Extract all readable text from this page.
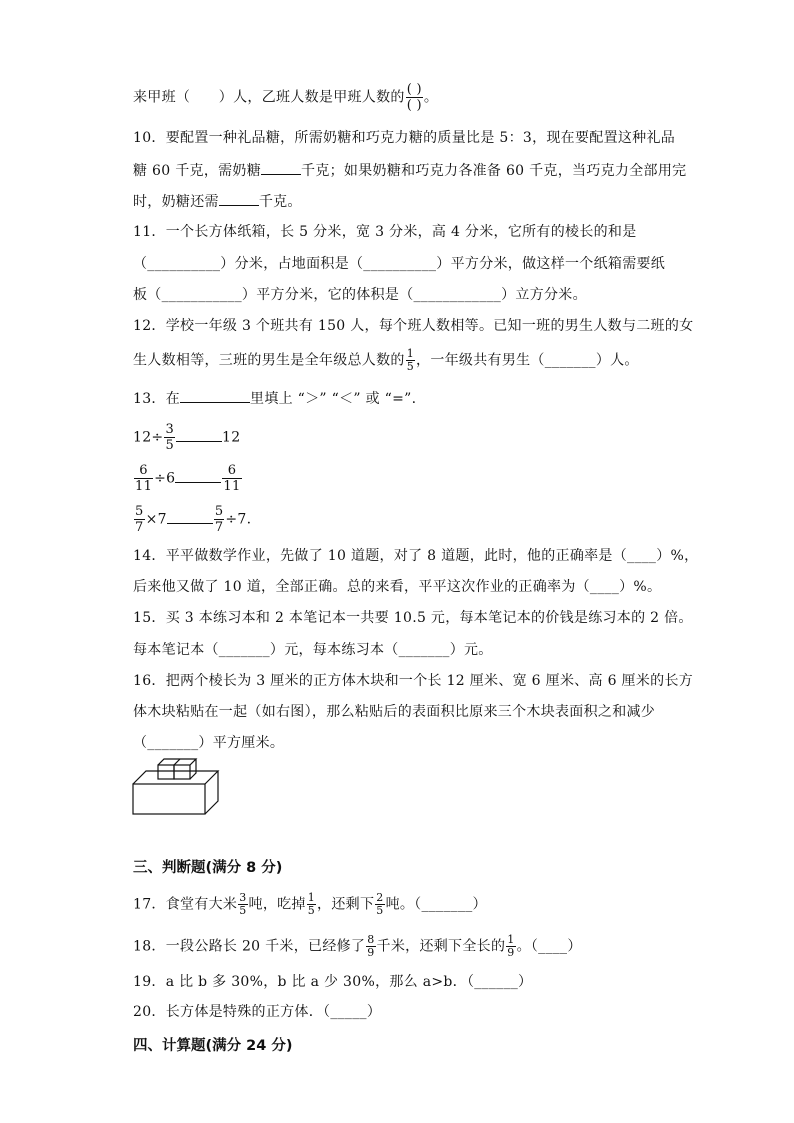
来甲班（　　）人，乙班人数是甲班人数的 ( )
( ) 。
10．要配置一种礼品糖，所需奶糖和巧克力糖的质量比是 5：3，现在要配置这种礼品
糖 60 千克，需奶糖	千克；如果奶糖和巧克力各准备 60 千克，当巧克力全部用完
时，奶糖还需	千克。
11．一个长方体纸箱，长 5 分米，宽 3 分米，高 4 分米，它所有的棱长的和是
（__________）分米，占地面积是（__________）平方分米，做这样一个纸箱需要纸
板（___________）平方分米，它的体积是（____________）立方分米。
12．学校一年级 3 个班共有 150 人，每个班人数相等。已知一班的男生人数与二班的女
生人数相等，三班的男生是全年级总人数的 $\frac{1}{5}$ ，一年级共有男生（_______）人。
13．在	里填上 “＞” “＜” 或 “=”.
$12\div \frac{3}{5}$	12
$\frac{6}{11} \div 6$	$\frac{6}{11}$
$\frac{5}{7} \times 7$	$\frac{5}{7} \div 7$.
14．平平做数学作业，先做了 10 道题，对了 8 道题，此时，他的正确率是（____）%，
后来他又做了 10 道，全部正确。总的来看，平平这次作业的正确率为（____）%。
15．买 3 本练习本和 2 本笔记本一共要 10.5 元，每本笔记本的价钱是练习本的 2 倍。
每本笔记本（_______）元，每本练习本（_______）元。
16．把两个棱长为 3 厘米的正方体木块和一个长 12 厘米、宽 6 厘米、高 6 厘米的长方
体木块粘贴在一起（如右图），那么粘贴后的表面积比原来三个木块表面积之和减少
（_______）平方厘米。
三、判断题(满分 8 分)
17．食堂有大米 $\frac{3}{5}$ 吨，吃掉 $\frac{1}{5}$ ，还剩下 $\frac{2}{5}$ 吨。（_______）
18．一段公路长 20 千米，已经修了 $\frac{8}{9}$ 千米，还剩下全长的 $\frac{1}{9}$ 。（____）
19．a 比 b 多 30%，b 比 a 少 30%，那么 a>b．（______）
20．长方体是特殊的正方体．（_____）
四、计算题(满分 24 分)
